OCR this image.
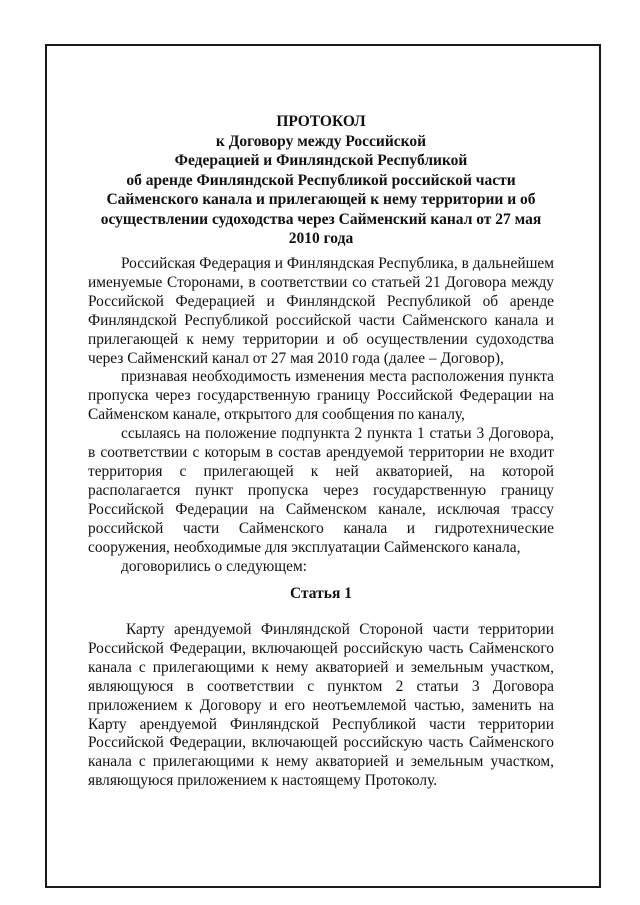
ПРОТОКОЛ
к Договору между Российской
Федерацией и Финляндской Республикой
об аренде Финляндской Республикой российской части
Сайменского канала и прилегающей к нему территории и об
осуществлении судоходства через Сайменский канал от 27 мая
2010 года

Российская Федерация и Финляндская Республика, в дальнейшем именуемые Сторонами, в соответствии со статьей 21 Договора между Российской Федерацией и Финляндской Республикой об аренде Финляндской Республикой российской части Сайменского канала и прилегающей к нему территории и об осуществлении судоходства через Сайменский канал от 27 мая 2010 года (далее – Договор),

признавая необходимость изменения места расположения пункта пропуска через государственную границу Российской Федерации на Сайменском канале, открытого для сообщения по каналу,

ссылаясь на положение подпункта 2 пункта 1 статьи 3 Договора, в соответствии с которым в состав арендуемой территории не входит территория с прилегающей к ней акваторией, на которой располагается пункт пропуска через государственную границу Российской Федерации на Сайменском канале, исключая трассу российской части Сайменского канала и гидротехнические сооружения, необходимые для эксплуатации Сайменского канала,

договорились о следующем:

Статья 1

Карту арендуемой Финляндской Стороной части территории Российской Федерации, включающей российскую часть Сайменского канала с прилегающими к нему акваторией и земельным участком, являющуюся в соответствии с пунктом 2 статьи 3 Договора приложением к Договору и его неотъемлемой частью, заменить на Карту арендуемой Финляндской Республикой части территории Российской Федерации, включающей российскую часть Сайменского канала с прилегающими к нему акваторией и земельным участком, являющуюся приложением к настоящему Протоколу.
